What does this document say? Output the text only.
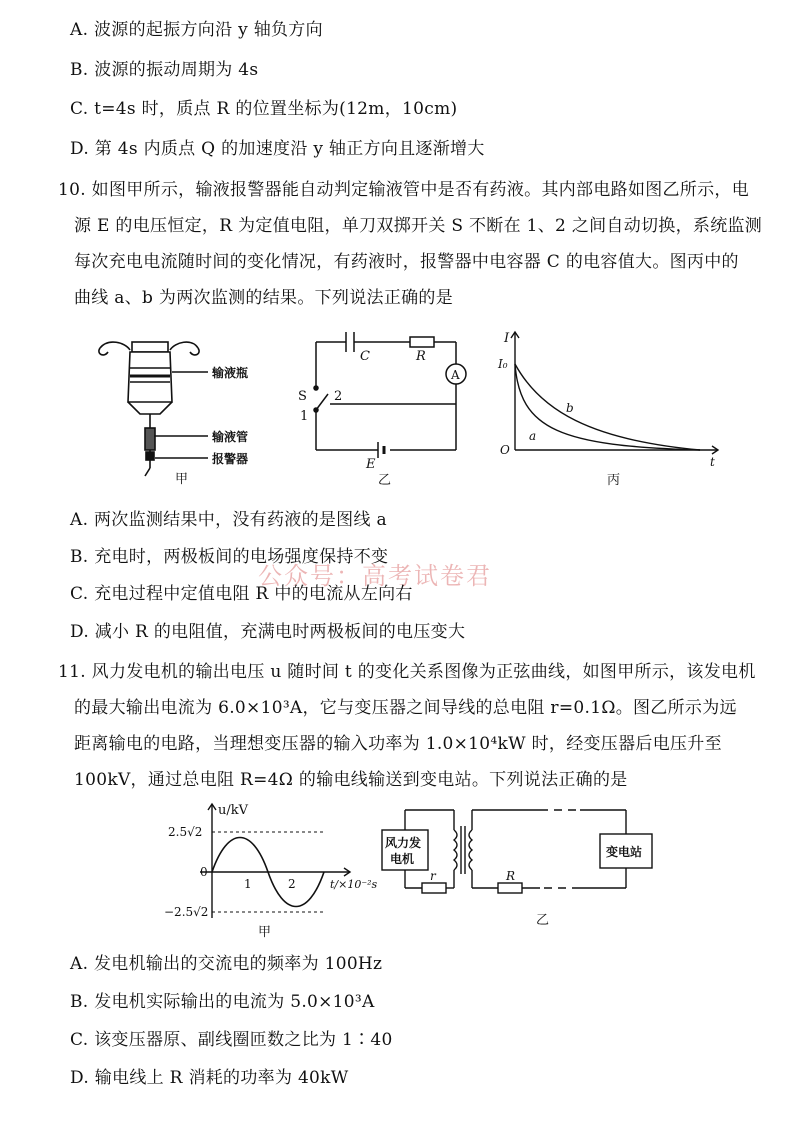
A. 波源的起振方向沿 y 轴负方向
B. 波源的振动周期为 4s
C. t=4s 时，质点 R 的位置坐标为(12m，10cm)
D. 第 4s 内质点 Q 的加速度沿 y 轴正方向且逐渐增大
10. 如图甲所示，输液报警器能自动判定输液管中是否有药液。其内部电路如图乙所示，电
源 E 的电压恒定，R 为定值电阻，单刀双掷开关 S 不断在 1、2 之间自动切换，系统监测
每次充电电流随时间的变化情况，有药液时，报警器中电容器 C 的电容值大。图丙中的
曲线 a、b 为两次监测的结果。下列说法正确的是
输液瓶
输液管
报警器
甲
C	R
A
S
1
2
E
乙
I
I₀
O
t
a
b
丙
A. 两次监测结果中，没有药液的是图线 a
B. 充电时，两极板间的电场强度保持不变
公众号：高考试卷君
C. 充电过程中定值电阻 R 中的电流从左向右
D. 减小 R 的电阻值，充满电时两极板间的电压变大
11. 风力发电机的输出电压 u 随时间 t 的变化关系图像为正弦曲线，如图甲所示，该发电机
的最大输出电流为 6.0×10³A，它与变压器之间导线的总电阻 r=0.1Ω。图乙所示为远
距离输电的电路，当理想变压器的输入功率为 1.0×10⁴kW 时，经变压器后电压升至
100kV，通过总电阻 R=4Ω 的输电线输送到变电站。下列说法正确的是
u/kV
2.5√2
0
−2.5√2
1	2	t/×10⁻²s
甲
风力发
电机
r	R
变电站
乙
A. 发电机输出的交流电的频率为 100Hz
B. 发电机实际输出的电流为 5.0×10³A
C. 该变压器原、副线圈匝数之比为 1∶40
D. 输电线上 R 消耗的功率为 40kW
